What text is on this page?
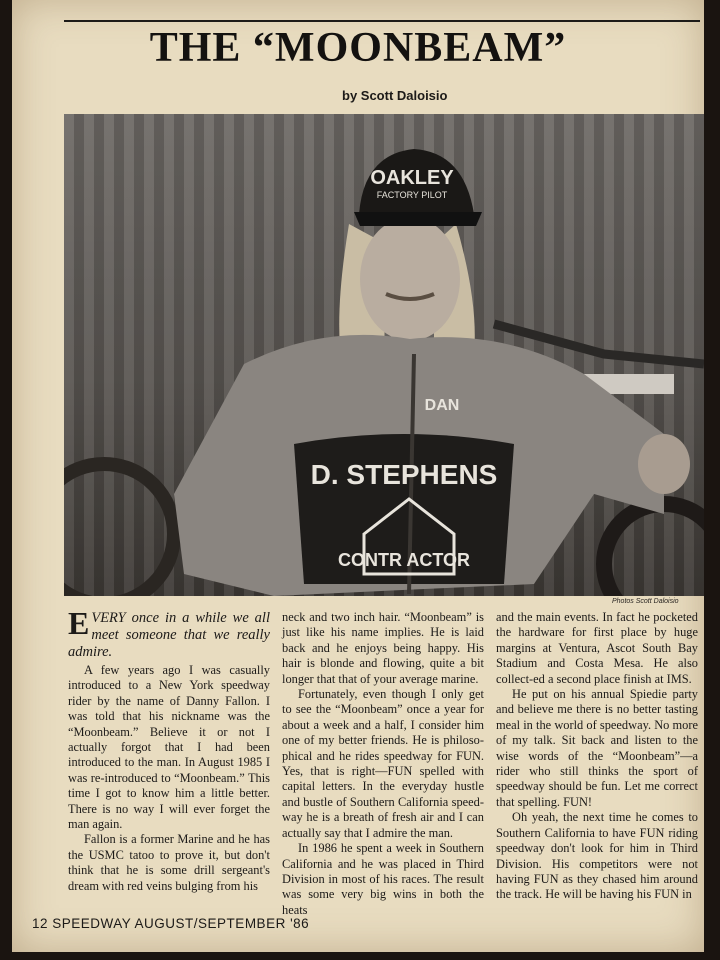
THE “MOONBEAM”
by Scott Daloisio
OAKLEY
FACTORY PILOT
DAN
D. STEPHENS
CONTR ACTOR
Photos Scott Daloisio

EVERY once in a while we all meet someone that we really admire.

A few years ago I was casually introduced to a New York speedway rider by the name of Danny Fallon. I was told that his nickname was the “Moonbeam.” Believe it or not I actually forgot that I had been introduced to the man. In August 1985 I was re-introduced to “Moonbeam.” This time I got to know him a little better. There is no way I will ever forget the man again.

Fallon is a former Marine and he has the USMC tatoo to prove it, but don't think that he is some drill sergeant's dream with red veins bulging from his

neck and two inch hair. “Moonbeam” is just like his name implies. He is laid back and he enjoys being happy. His hair is blonde and flowing, quite a bit longer that that of your average marine.

Fortunately, even though I only get to see the “Moonbeam” once a year for about a week and a half, I consider him one of my better friends. He is philoso-phical and he rides speedway for FUN. Yes, that is right—FUN spelled with capital letters. In the everyday hustle and bustle of Southern California speed-way he is a breath of fresh air and I can actually say that I admire the man.

In 1986 he spent a week in Southern California and he was placed in Third Division in most of his races. The result was some very big wins in both the heats

and the main events. In fact he pocketed the hardware for first place by huge margins at Ventura, Ascot South Bay Stadium and Costa Mesa. He also collect-ed a second place finish at IMS.

He put on his annual Spiedie party and believe me there is no better tasting meal in the world of speedway. No more of my talk. Sit back and listen to the wise words of the “Moonbeam”—a rider who still thinks the sport of speedway should be fun. Let me correct that spelling. FUN!

Oh yeah, the next time he comes to Southern California to have FUN riding speedway don't look for him in Third Division. His competitors were not having FUN as they chased him around the track. He will be having his FUN in

12 SPEEDWAY AUGUST/SEPTEMBER '86
